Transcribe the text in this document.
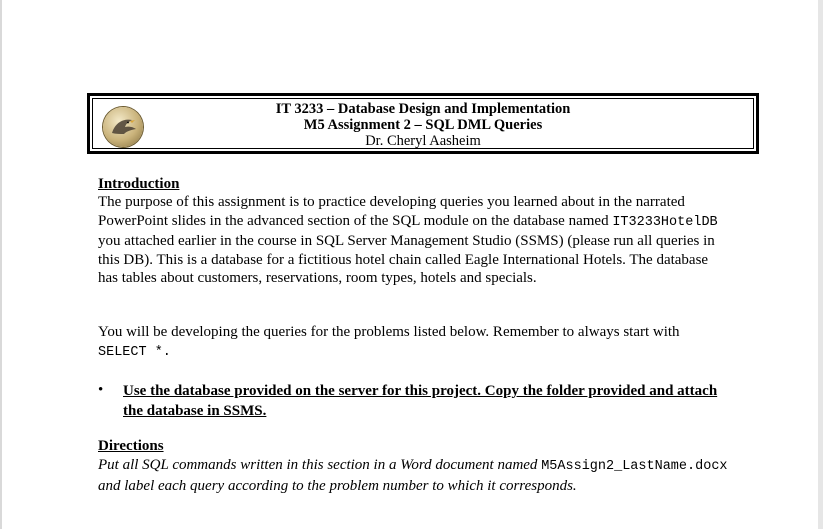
IT 3233 – Database Design and Implementation
M5 Assignment 2 – SQL DML Queries
Dr. Cheryl Aasheim
Introduction
The purpose of this assignment is to practice developing queries you learned about in the narrated PowerPoint slides in the advanced section of the SQL module on the database named IT3233HotelDB you attached earlier in the course in SQL Server Management Studio (SSMS) (please run all queries in this DB). This is a database for a fictitious hotel chain called Eagle International Hotels. The database has tables about customers, reservations, room types, hotels and specials.
You will be developing the queries for the problems listed below. Remember to always start with SELECT *.
• Use the database provided on the server for this project. Copy the folder provided and attach the database in SSMS.
Directions
Put all SQL commands written in this section in a Word document named M5Assign2_LastName.docx and label each query according to the problem number to which it corresponds.
